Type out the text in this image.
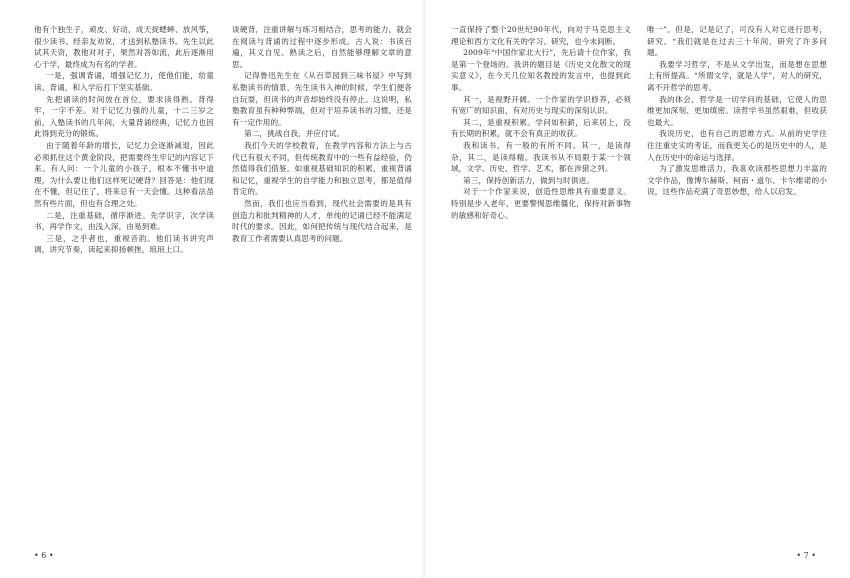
他有个独生子，顽皮、好动，成天捉蟋蟀、放风筝，很少读书。经亲友劝说，才送到私塾读书。先生以此试其天资，教他对对子，果然对答如流，此后逐渐用心于学，最终成为有名的学者。

一是，强调背诵，增强记忆力，使他们能，幼童读、背诵，和入学后打下坚实基础。

先把诵读的时间放在首位，要求读得熟、背得牢，一字不差。对于记忆力强的儿童，十二三岁之前，入塾读书的几年间，大量背诵经典，记忆力也因此得到充分的锻炼。

由于随着年龄的增长，记忆力会逐渐减退，因此必须抓住这个黄金阶段，把需要终生牢记的内容记下来。有人问：一个儿童的小孩子，根本不懂书中道理，为什么要让他们这样死记硬背？回答是：他们现在不懂，但记住了，将来总有一天会懂。这种看法虽然有些片面，但也有合理之处。

二是，注重基础，循序渐进。先学识字，次学读书，再学作文，由浅入深，由易到难。

三是，之乎者也，重视音韵。他们读书讲究声调，讲究节奏，读起来抑扬顿挫，琅琅上口。

谈硬背，注重讲解与练习相结合，思考的能力，就会在阅读与背诵的过程中逐步形成。古人说：书读百遍，其义自见。熟读之后，自然能够理解文章的意思。

记得鲁迅先生在《从百草园到三味书屋》中写到私塾读书的情景，先生读书入神的时候，学生们便各自玩耍，但读书的声音却始终没有停止。这说明，私塾教育虽有种种弊端，但对于培养读书的习惯，还是有一定作用的。

第二，挑战自我，并应付试。

我们今天的学校教育，在教学内容和方法上与古代已有很大不同，但传统教育中的一些有益经验，仍然值得我们借鉴。如重视基础知识的积累，重视背诵和记忆，重视学生的自学能力和独立思考，都是值得肯定的。

然而，我们也应当看到，现代社会需要的是具有创造力和批判精神的人才，单纯的记诵已经不能满足时代的要求。因此，如何把传统与现代结合起来，是教育工作者需要认真思考的问题。

• 6 •

一直保持了整个20世纪90年代，向对于马克思主义理论和西方文化有关的学习、研究，也今未间断。

2009年“中国作家北大行”，先后请十位作家，我是第一个登场的。我讲的题目是《历史文化散文的现实意义》，在今天几位知名教授的发言中，也提到此事。

其一，是视野开阔。一个作家的学识修养，必须有宽广的知识面，有对历史与现实的深刻认识。

其二，是重视积累。学问如积薪，后来居上，没有长期的积累，就不会有真正的收获。

我和读书，有一般的有所不同。其一，是读得杂，其二，是读得精。我读书从不局限于某一个领域，文学、历史、哲学、艺术，都在涉猎之列。

第三，保持创新活力，做到与时俱进。

对于一个作家来说，创造性思维具有重要意义。特别是步入老年，更要警惕思维僵化，保持对新事物的敏感和好奇心。

唯一”。但是，记是记了，可没有人对它进行思考，研究。“我们就是在过去三十年间，研究了许多问题。

我要学习哲学，不是从文学出发，而是想在思想上有所提高。“所谓文学，就是人学”，对人的研究，离不开哲学的思考。

我的体会，哲学是一切学问的基础，它使人的思维更加深刻、更加缜密。读哲学书虽然艰难，但收获也最大。

我说历史，也有自己的思维方式。从前的史学往往注重史实的考证，而我更关心的是历史中的人，是人在历史中的命运与选择。

为了激发思维活力，我喜欢读那些思想力丰富的文学作品，像博尔赫斯、柯南・道尔、卡尔维诺的小说，这些作品充满了奇思妙想，给人以启发。

• 7 •
